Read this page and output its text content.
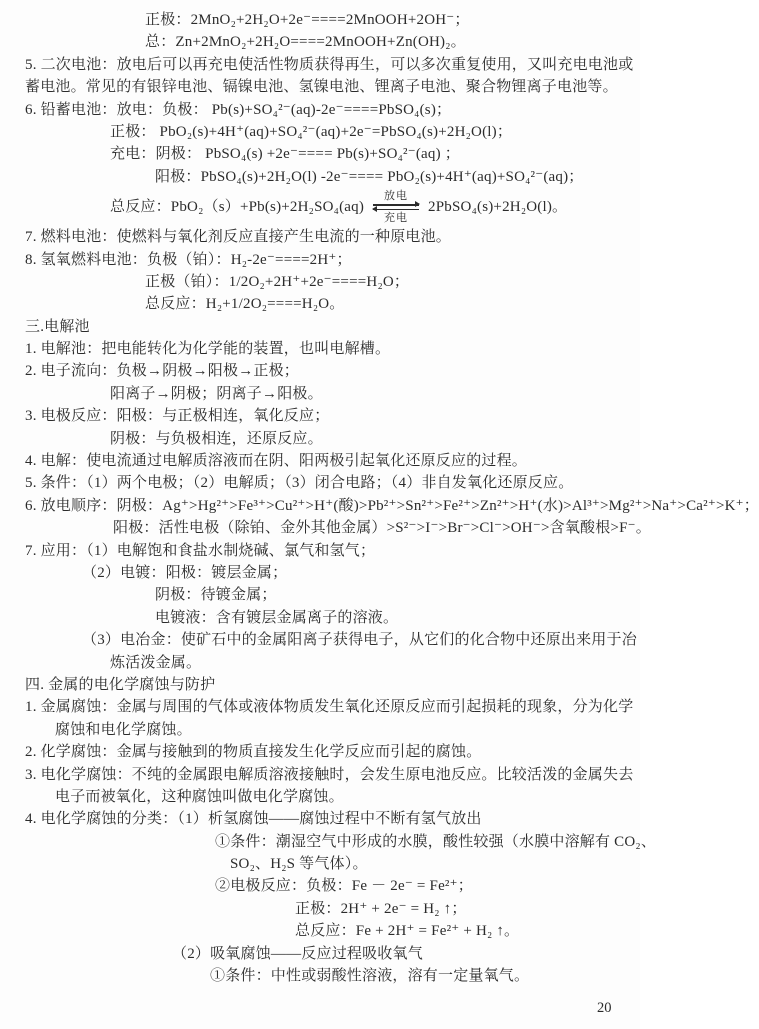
正极：2MnO₂+2H₂O+2e⁻====2MnOOH+2OH⁻；
总：Zn+2MnO₂+2H₂O====2MnOOH+Zn(OH)₂。
5. 二次电池：放电后可以再充电使活性物质获得再生，可以多次重复使用，又叫充电电池或
蓄电池。常见的有银锌电池、镉镍电池、氢镍电池、锂离子电池、聚合物锂离子电池等。
6. 铅蓄电池：放电：负极： Pb(s)+SO₄²⁻(aq)-2e⁻====PbSO₄(s)；
正极： PbO₂(s)+4H⁺(aq)+SO₄²⁻(aq)+2e⁻=PbSO₄(s)+2H₂O(l)；
充电：阴极： PbSO₄(s) +2e⁻==== Pb(s)+SO₄²⁻(aq) ；
阳极：PbSO₄(s)+2H₂O(l) -2e⁻==== PbO₂(s)+4H⁺(aq)+SO₄²⁻(aq)；
总反应：PbO₂（s）+Pb(s)+2H₂SO₄(aq)
放电
充电
2PbSO₄(s)+2H₂O(l)。
7. 燃料电池：使燃料与氧化剂反应直接产生电流的一种原电池。
8. 氢氧燃料电池：负极（铂）：H₂-2e⁻====2H⁺；
正极（铂）：1/2O₂+2H⁺+2e⁻====H₂O；
总反应：H₂+1/2O₂====H₂O。
三.电解池
1. 电解池：把电能转化为化学能的装置，也叫电解槽。
2. 电子流向：负极→阴极→阳极→正极；
阳离子→阴极；阴离子→阳极。
3. 电极反应：阳极：与正极相连，氧化反应；
阴极：与负极相连，还原反应。
4. 电解：使电流通过电解质溶液而在阴、阳两极引起氧化还原反应的过程。
5. 条件：（1）两个电极；（2）电解质；（3）闭合电路；（4）非自发氧化还原反应。
6. 放电顺序：阴极：Ag⁺>Hg²⁺>Fe³⁺>Cu²⁺>H⁺(酸)>Pb²⁺>Sn²⁺>Fe²⁺>Zn²⁺>H⁺(水)>Al³⁺>Mg²⁺>Na⁺>Ca²⁺>K⁺；
阳极：活性电极（除铂、金外其他金属）>S²⁻>I⁻>Br⁻>Cl⁻>OH⁻>含氧酸根>F⁻。
7. 应用：（1）电解饱和食盐水制烧碱、氯气和氢气；
（2）电镀：阳极：镀层金属；
阴极：待镀金属；
电镀液：含有镀层金属离子的溶液。
（3）电冶金：使矿石中的金属阳离子获得电子，从它们的化合物中还原出来用于冶
炼活泼金属。
四. 金属的电化学腐蚀与防护
1. 金属腐蚀：金属与周围的气体或液体物质发生氧化还原反应而引起损耗的现象，分为化学
腐蚀和电化学腐蚀。
2. 化学腐蚀：金属与接触到的物质直接发生化学反应而引起的腐蚀。
3. 电化学腐蚀：不纯的金属跟电解质溶液接触时，会发生原电池反应。比较活泼的金属失去
电子而被氧化，这种腐蚀叫做电化学腐蚀。
4. 电化学腐蚀的分类：（1）析氢腐蚀——腐蚀过程中不断有氢气放出
①条件：潮湿空气中形成的水膜，酸性较强（水膜中溶解有 CO₂、
SO₂、H₂S 等气体）。
②电极反应：负极：Fe － 2e⁻ = Fe²⁺；
正极：2H⁺ + 2e⁻ = H₂ ↑；
总反应：Fe + 2H⁺ = Fe²⁺ + H₂ ↑。
（2）吸氧腐蚀——反应过程吸收氧气
①条件：中性或弱酸性溶液，溶有一定量氧气。
20
